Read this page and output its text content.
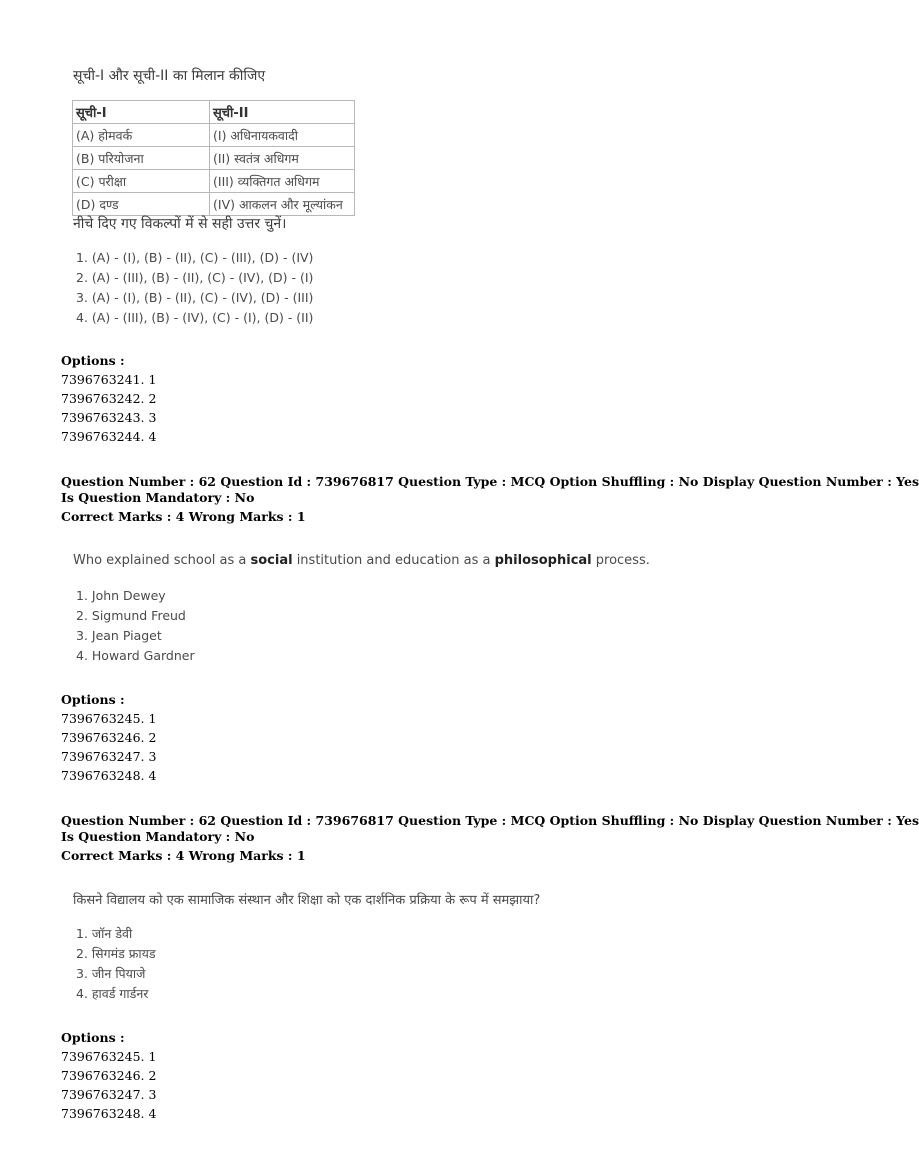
सूची-I और सूची-II का मिलान कीजिए
सूची-I	सूची-II
(A) होमवर्क	(I) अधिनायकवादी
(B) परियोजना	(II) स्वतंत्र अधिगम
(C) परीक्षा	(III) व्यक्तिगत अधिगम
(D) दण्ड	(IV) आकलन और मूल्यांकन
नीचे दिए गए विकल्पों में से सही उत्तर चुनें।
1. (A) - (I), (B) - (II), (C) - (III), (D) - (IV)
2. (A) - (III), (B) - (II), (C) - (IV), (D) - (I)
3. (A) - (I), (B) - (II), (C) - (IV), (D) - (III)
4. (A) - (III), (B) - (IV), (C) - (I), (D) - (II)
Options :
7396763241. 1
7396763242. 2
7396763243. 3
7396763244. 4
Question Number : 62 Question Id : 739676817 Question Type : MCQ Option Shuffling : No Display Question Number : Yes
Is Question Mandatory : No
Correct Marks : 4 Wrong Marks : 1
Who explained school as a social institution and education as a philosophical process.
1. John Dewey
2. Sigmund Freud
3. Jean Piaget
4. Howard Gardner
Options :
7396763245. 1
7396763246. 2
7396763247. 3
7396763248. 4
Question Number : 62 Question Id : 739676817 Question Type : MCQ Option Shuffling : No Display Question Number : Yes
Is Question Mandatory : No
Correct Marks : 4 Wrong Marks : 1
किसने विद्यालय को एक सामाजिक संस्थान और शिक्षा को एक दार्शनिक प्रक्रिया के रूप में समझाया?
1. जॉन डेवी
2. सिगमंड फ्रायड
3. जीन पियाजे
4. हावर्ड गार्डनर
Options :
7396763245. 1
7396763246. 2
7396763247. 3
7396763248. 4
